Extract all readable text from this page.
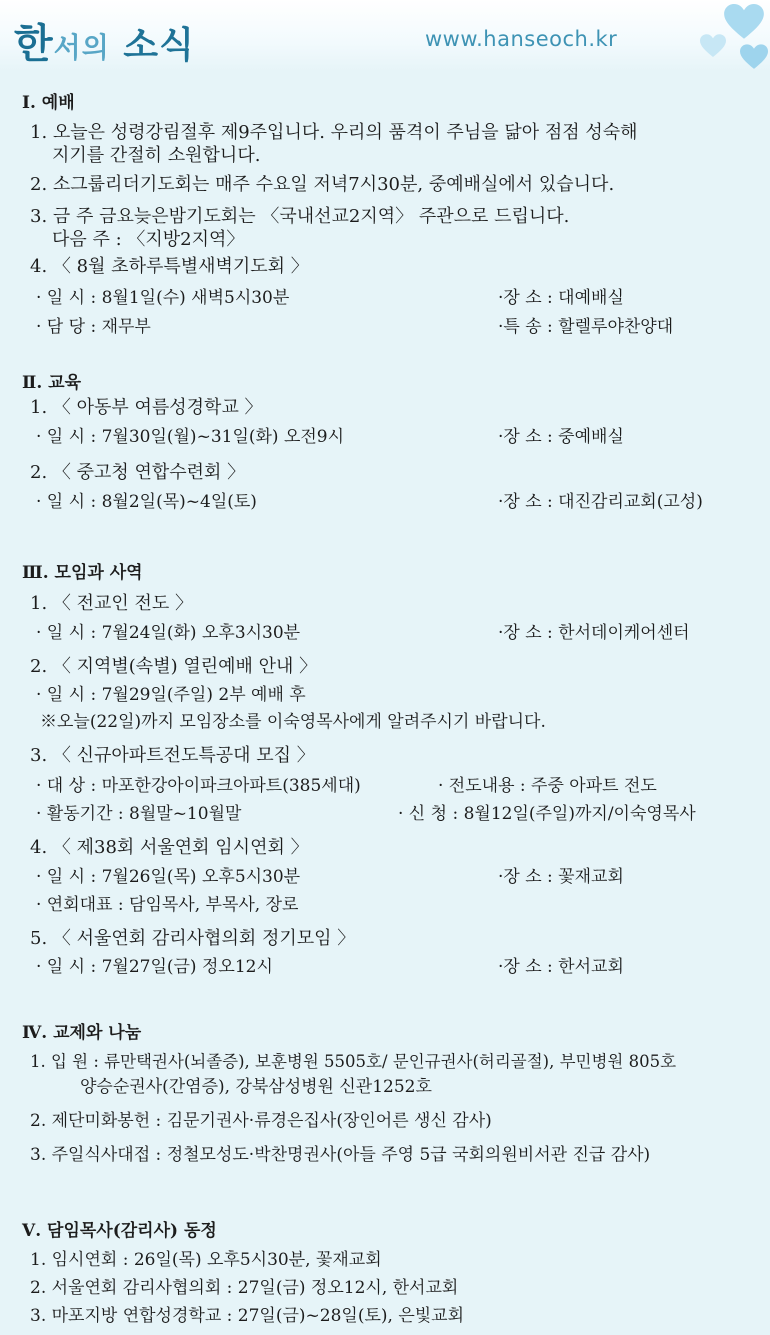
한서의 소식	www.hanseoch.kr
Ⅰ. 예배
1. 오늘은 성령강림절후 제9주입니다. 우리의 품격이 주님을 닮아 점점 성숙해
지기를 간절히 소원합니다.
2. 소그룹리더기도회는 매주 수요일 저녁7시30분, 중예배실에서 있습니다.
3. 금 주 금요늦은밤기도회는 〈국내선교2지역〉 주관으로 드립니다.
다음 주 : 〈지방2지역〉
4. 〈 8월 초하루특별새벽기도회 〉
· 일 시 : 8월1일(수) 새벽5시30분	·장 소 : 대예배실
· 담 당 : 재무부	·특 송 : 할렐루야찬양대
Ⅱ. 교육
1. 〈 아동부 여름성경학교 〉
· 일 시 : 7월30일(월)~31일(화) 오전9시	·장 소 : 중예배실
2. 〈 중고청 연합수련회 〉
· 일 시 : 8월2일(목)~4일(토)	·장 소 : 대진감리교회(고성)
Ⅲ. 모임과 사역
1. 〈 전교인 전도 〉
· 일 시 : 7월24일(화) 오후3시30분	·장 소 : 한서데이케어센터
2. 〈 지역별(속별) 열린예배 안내 〉
· 일 시 : 7월29일(주일) 2부 예배 후
※오늘(22일)까지 모임장소를 이숙영목사에게 알려주시기 바랍니다.
3. 〈 신규아파트전도특공대 모집 〉
· 대 상 : 마포한강아이파크아파트(385세대)	· 전도내용 : 주중 아파트 전도
· 활동기간 : 8월말~10월말	· 신 청 : 8월12일(주일)까지/이숙영목사
4. 〈 제38회 서울연회 임시연회 〉
· 일 시 : 7월26일(목) 오후5시30분	·장 소 : 꽃재교회
· 연회대표 : 담임목사, 부목사, 장로
5. 〈 서울연회 감리사협의회 정기모임 〉
· 일 시 : 7월27일(금) 정오12시	·장 소 : 한서교회
Ⅳ. 교제와 나눔
1. 입 원 : 류만택권사(뇌졸증), 보훈병원 5505호/ 문인규권사(허리골절), 부민병원 805호
양승순권사(간염증), 강북삼성병원 신관1252호
2. 제단미화봉헌 : 김문기권사·류경은집사(장인어른 생신 감사)
3. 주일식사대접 : 정철모성도·박찬명권사(아들 주영 5급 국회의원비서관 진급 감사)
Ⅴ. 담임목사(감리사) 동정
1. 임시연회 : 26일(목) 오후5시30분, 꽃재교회
2. 서울연회 감리사협의회 : 27일(금) 정오12시, 한서교회
3. 마포지방 연합성경학교 : 27일(금)~28일(토), 은빛교회
